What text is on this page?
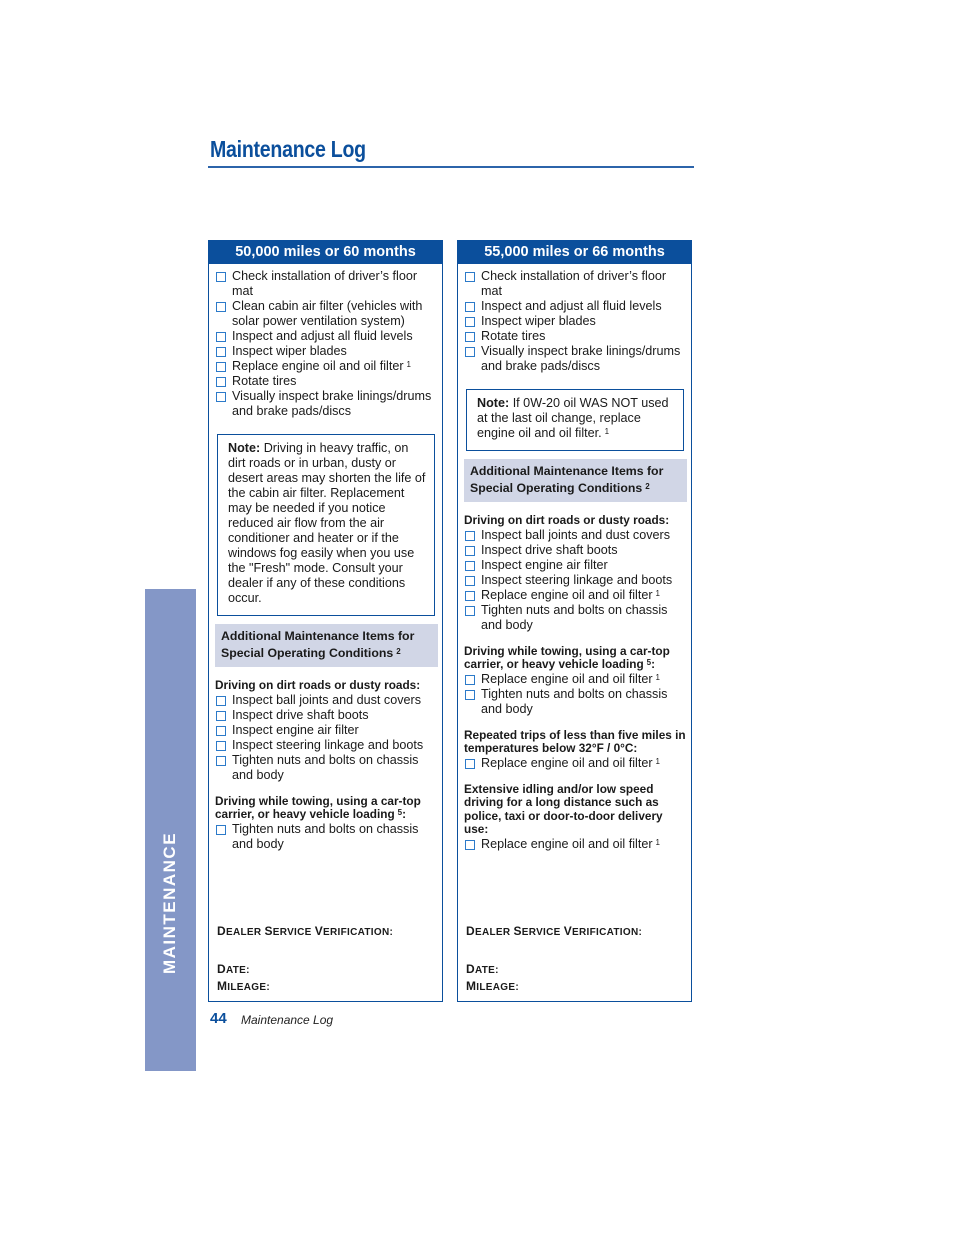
Maintenance Log
MAINTENANCE
50,000 miles or 60 months
Check installation of driver’s floor mat
Clean cabin air filter (vehicles with solar power ventilation system)
Inspect and adjust all fluid levels
Inspect wiper blades
Replace engine oil and oil filter $^1$
Rotate tires
Visually inspect brake linings/drums and brake pads/discs
Note: Driving in heavy traffic, on dirt roads or in urban, dusty or desert areas may shorten the life of the cabin air filter. Replacement may be needed if you notice reduced air flow from the air conditioner and heater or if the windows fog easily when you use the "Fresh" mode. Consult your dealer if any of these conditions occur.
Additional Maintenance Items for Special Operating Conditions $^2$
Driving on dirt roads or dusty roads:
Inspect ball joints and dust covers
Inspect drive shaft boots
Inspect engine air filter
Inspect steering linkage and boots
Tighten nuts and bolts on chassis and body
Driving while towing, using a car-top carrier, or heavy vehicle loading $^5$:
Tighten nuts and bolts on chassis and body
DEALER SERVICE VERIFICATION:
DATE:
MILEAGE:
55,000 miles or 66 months
Check installation of driver’s floor mat
Inspect and adjust all fluid levels
Inspect wiper blades
Rotate tires
Visually inspect brake linings/drums and brake pads/discs
Note: If 0W-20 oil WAS NOT used at the last oil change, replace engine oil and oil filter. $^1$
Additional Maintenance Items for Special Operating Conditions $^2$
Driving on dirt roads or dusty roads:
Inspect ball joints and dust covers
Inspect drive shaft boots
Inspect engine air filter
Inspect steering linkage and boots
Replace engine oil and oil filter $^1$
Tighten nuts and bolts on chassis and body
Driving while towing, using a car-top carrier, or heavy vehicle loading $^5$:
Replace engine oil and oil filter $^1$
Tighten nuts and bolts on chassis and body
Repeated trips of less than five miles in temperatures below 32°F / 0°C:
Replace engine oil and oil filter $^1$
Extensive idling and/or low speed driving for a long distance such as police, taxi or door-to-door delivery use:
Replace engine oil and oil filter $^1$
DEALER SERVICE VERIFICATION:
DATE:
MILEAGE:
44 Maintenance Log
